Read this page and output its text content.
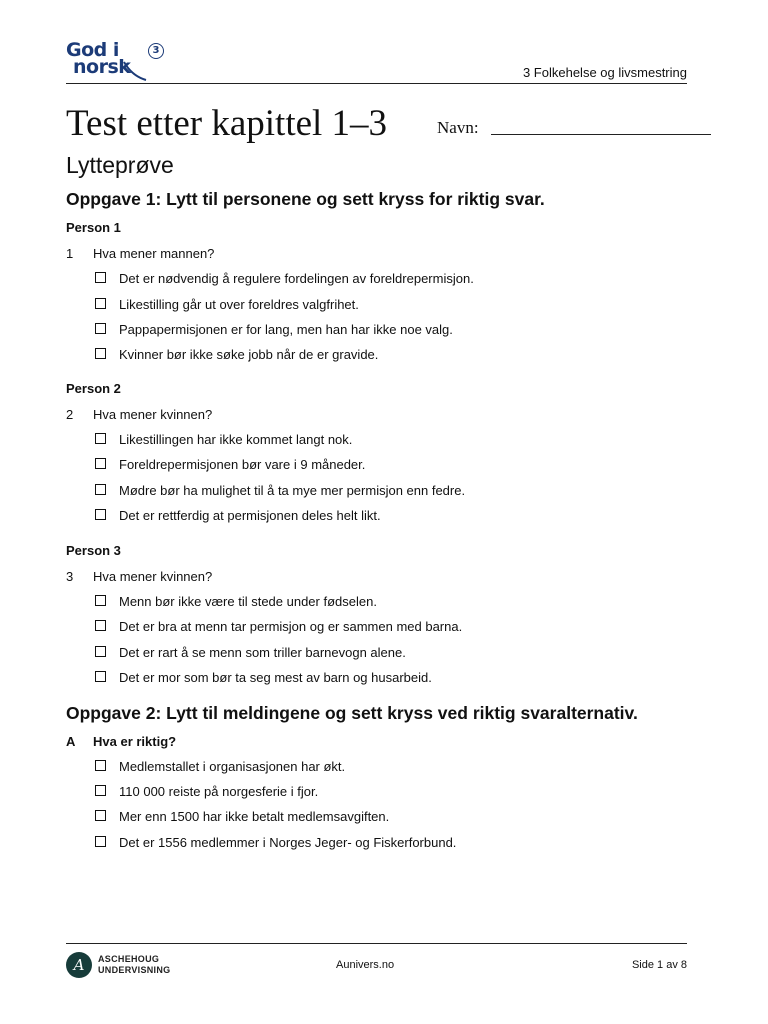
God i
norsk
3
3 Folkehelse og livsmestring
Test etter kapittel 1–3	Navn:
Lytteprøve
Oppgave 1: Lytt til personene og sett kryss for riktig svar.
Person 1
1 Hva mener mannen?
Det er nødvendig å regulere fordelingen av foreldrepermisjon.
Likestilling går ut over foreldres valgfrihet.
Pappapermisjonen er for lang, men han har ikke noe valg.
Kvinner bør ikke søke jobb når de er gravide.
Person 2
2 Hva mener kvinnen?
Likestillingen har ikke kommet langt nok.
Foreldrepermisjonen bør vare i 9 måneder.
Mødre bør ha mulighet til å ta mye mer permisjon enn fedre.
Det er rettferdig at permisjonen deles helt likt.
Person 3
3 Hva mener kvinnen?
Menn bør ikke være til stede under fødselen.
Det er bra at menn tar permisjon og er sammen med barna.
Det er rart å se menn som triller barnevogn alene.
Det er mor som bør ta seg mest av barn og husarbeid.
Oppgave 2: Lytt til meldingene og sett kryss ved riktig svaralternativ.
A Hva er riktig?
Medlemstallet i organisasjonen har økt.
110 000 reiste på norgesferie i fjor.
Mer enn 1500 har ikke betalt medlemsavgiften.
Det er 1556 medlemmer i Norges Jeger- og Fiskerforbund.
A	ASCHEHOUG
UNDERVISNING	Aunivers.no	Side 1 av 8
